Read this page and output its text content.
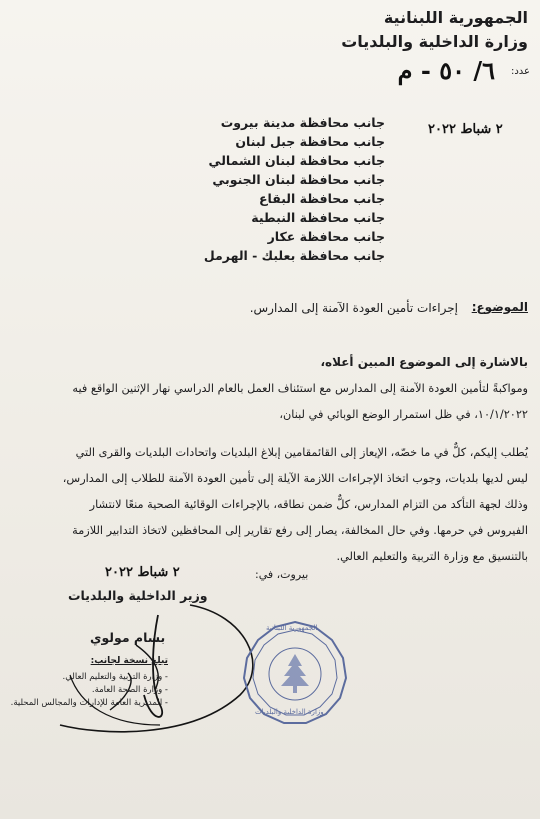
الجمهورية اللبنانية
وزارة الداخلية والبلديات
عدد:
٦/ ٥٠ - م
٢ شباط ٢٠٢٢
جانب محافظة مدينة بيروت
جانب محافظة جبل لبنان
جانب محافظة لبنان الشمالي
جانب محافظة لبنان الجنوبي
جانب محافظة البقاع
جانب محافظة النبطية
جانب محافظة عكار
جانب محافظة بعلبك - الهرمل
إجراءات تأمين العودة الآمنة إلى المدارس. الموضوع:
بالاشارة إلى الموضوع المبين أعلاه،
ومواكبةً لتأمين العودة الآمنة إلى المدارس مع استئناف العمل بالعام الدراسي نهار الإثنين الواقع فيه
١٠/١/٢٠٢٢، في ظل استمرار الوضع الوبائي في لبنان،
يُطلب إليكم، كلٌّ في ما خصّه، الإيعاز إلى القائمقامين إبلاغ البلديات واتحادات البلديات والقرى التي
ليس لديها بلديات، وجوب اتخاذ الإجراءات اللازمة الآيلة إلى تأمين العودة الآمنة للطلاب إلى المدارس،
وذلك لجهة التأكد من التزام المدارس، كلٌّ ضمن نطاقه، بالإجراءات الوقائية الصحية منعًا لانتشار
الفيروس في حرمها. وفي حال المخالفة، يصار إلى رفع تقارير إلى المحافظين لاتخاذ التدابير اللازمة
بالتنسيق مع وزارة التربية والتعليم العالي.
بيروت، في:
٢ شباط ٢٠٢٢
وزير الداخلية والبلديات
بسام مولوي
الجمهورية اللبنانية
وزارة الداخلية والبلديات
تبلغ نسخة لجانب:
- وزارة التربية والتعليم العالي.
- وزارة الصحة العامة.
- المديرية العامة للإدارات والمجالس المحلية.
